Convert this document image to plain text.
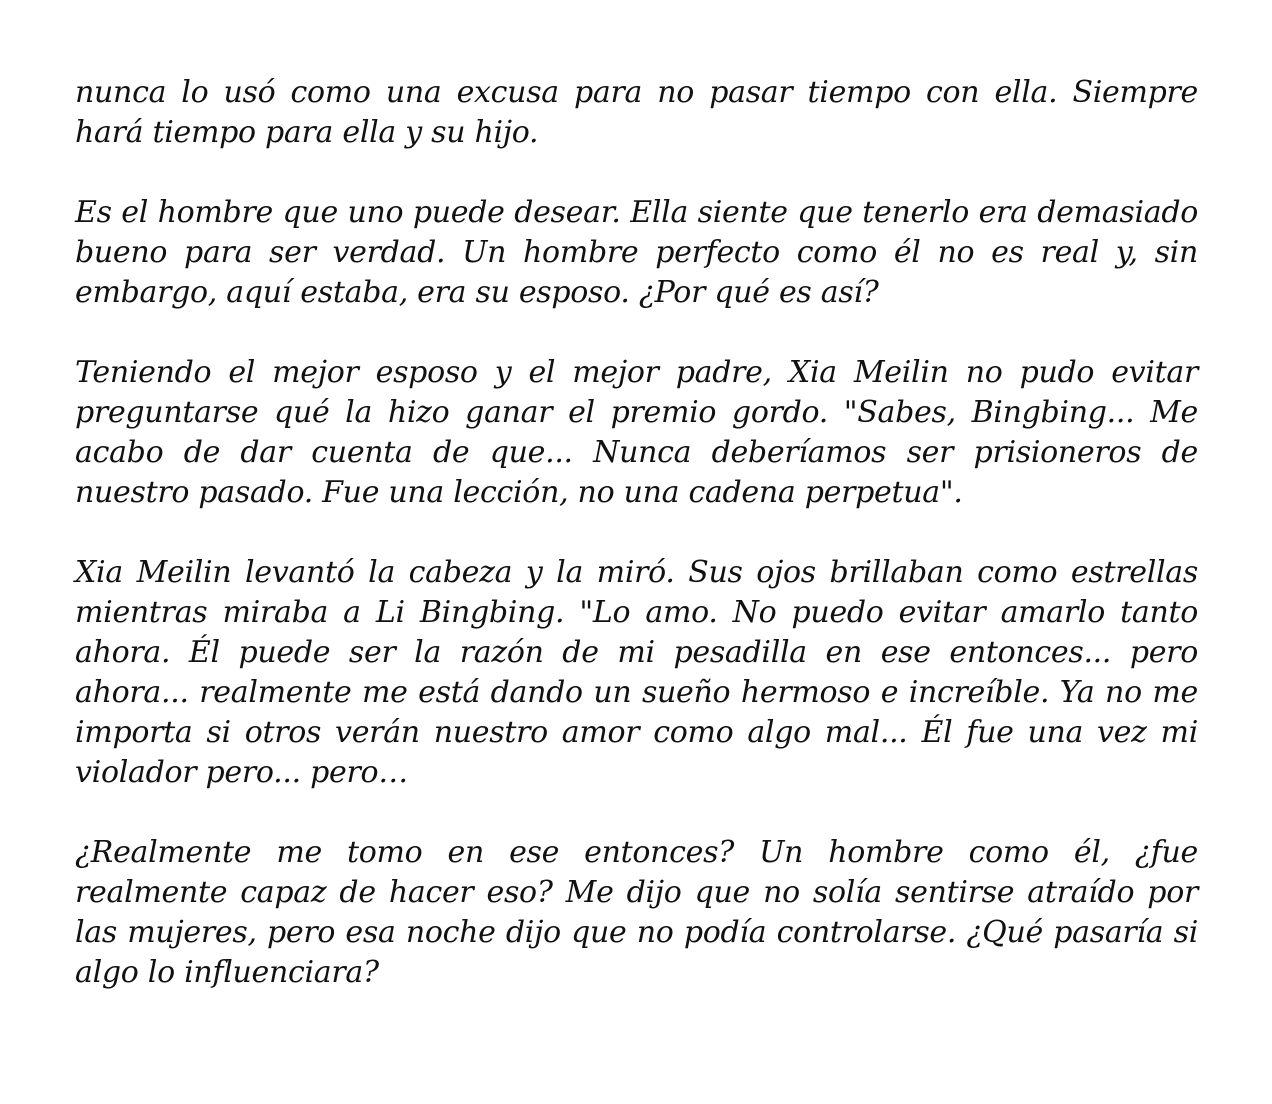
nunca lo usó como una excusa para no pasar tiempo con ella. Siempre hará tiempo para ella y su hijo.

Es el hombre que uno puede desear. Ella siente que tenerlo era demasiado bueno para ser verdad. Un hombre perfecto como él no es real y, sin embargo, aquí estaba, era su esposo. ¿Por qué es así?

Teniendo el mejor esposo y el mejor padre, Xia Meilin no pudo evitar preguntarse qué la hizo ganar el premio gordo. "Sabes, Bingbing... Me acabo de dar cuenta de que... Nunca deberíamos ser prisioneros de nuestro pasado. Fue una lección, no una cadena perpetua".

Xia Meilin levantó la cabeza y la miró. Sus ojos brillaban como estrellas mientras miraba a Li Bingbing. "Lo amo. No puedo evitar amarlo tanto ahora. Él puede ser la razón de mi pesadilla en ese entonces... pero ahora... realmente me está dando un sueño hermoso e increíble. Ya no me importa si otros verán nuestro amor como algo mal... Él fue una vez mi violador pero... pero…

¿Realmente me tomo en ese entonces? Un hombre como él, ¿fue realmente capaz de hacer eso? Me dijo que no solía sentirse atraído por las mujeres, pero esa noche dijo que no podía controlarse. ¿Qué pasaría si algo lo influenciara?
